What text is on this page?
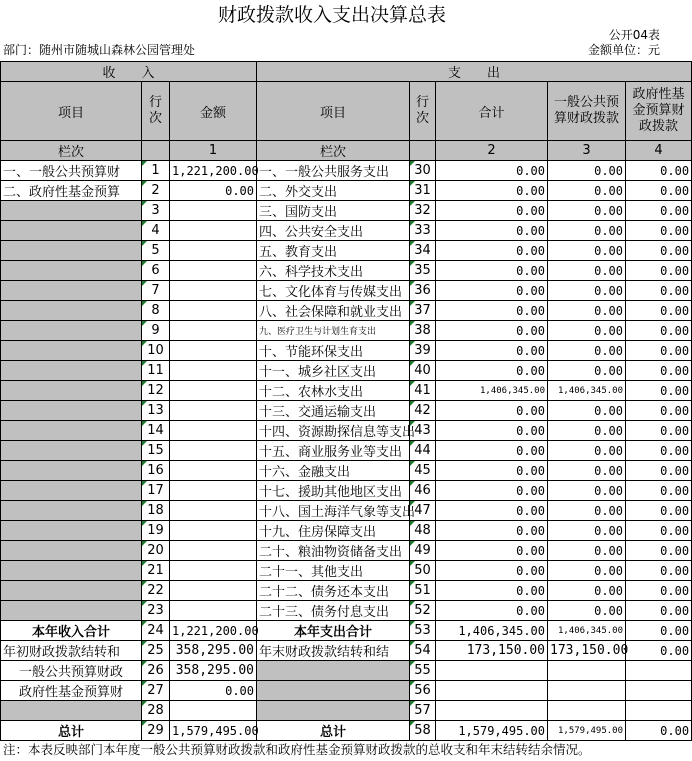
财政拨款收入支出决算总表
公开04表
部门：随州市随城山森林公园管理处	金额单位：元
收　　入			支　　出				
项目	行次	金额	项目	行次	合计	一般公共预算财政拨款	政府性基金预算财政拨款
栏次		1	栏次		2	3	4
一、一般公共预算财	1	1,221,200.00	一、一般公共服务支出	30	0.00	0.00	0.00
二、政府性基金预算	2	0.00	二、外交支出	31	0.00	0.00	0.00
	3		三、国防支出	32	0.00	0.00	0.00
	4		四、公共安全支出	33	0.00	0.00	0.00
	5		五、教育支出	34	0.00	0.00	0.00
	6		六、科学技术支出	35	0.00	0.00	0.00
	7		七、文化体育与传媒支出	36	0.00	0.00	0.00
	8		八、社会保障和就业支出	37	0.00	0.00	0.00
	9		九、医疗卫生与计划生育支出	38	0.00	0.00	0.00
	10		十、节能环保支出	39	0.00	0.00	0.00
	11		十一、城乡社区支出	40	0.00	0.00	0.00
	12		十二、农林水支出	41	1,406,345.00	1,406,345.00	0.00
	13		十三、交通运输支出	42	0.00	0.00	0.00
	14		十四、资源勘探信息等支出	43	0.00	0.00	0.00
	15		十五、商业服务业等支出	44	0.00	0.00	0.00
	16		十六、金融支出	45	0.00	0.00	0.00
	17		十七、援助其他地区支出	46	0.00	0.00	0.00
	18		十八、国土海洋气象等支出	47	0.00	0.00	0.00
	19		十九、住房保障支出	48	0.00	0.00	0.00
	20		二十、粮油物资储备支出	49	0.00	0.00	0.00
	21		二十一、其他支出	50	0.00	0.00	0.00
	22		二十二、债务还本支出	51	0.00	0.00	0.00
	23		二十三、债务付息支出	52	0.00	0.00	0.00
本年收入合计	24	1,221,200.00	本年支出合计	53	1,406,345.00	1,406,345.00	0.00
年初财政拨款结转和	25	358,295.00	年末财政拨款结转和结	54	173,150.00	173,150.00	0.00
一般公共预算财政	26	358,295.00		55			
政府性基金预算财	27	0.00		56			
	28			57			
总计	29	1,579,495.00	总计	58	1,579,495.00	1,579,495.00	0.00
注：本表反映部门本年度一般公共预算财政拨款和政府性基金预算财政拨款的总收支和年末结转结余情况。
